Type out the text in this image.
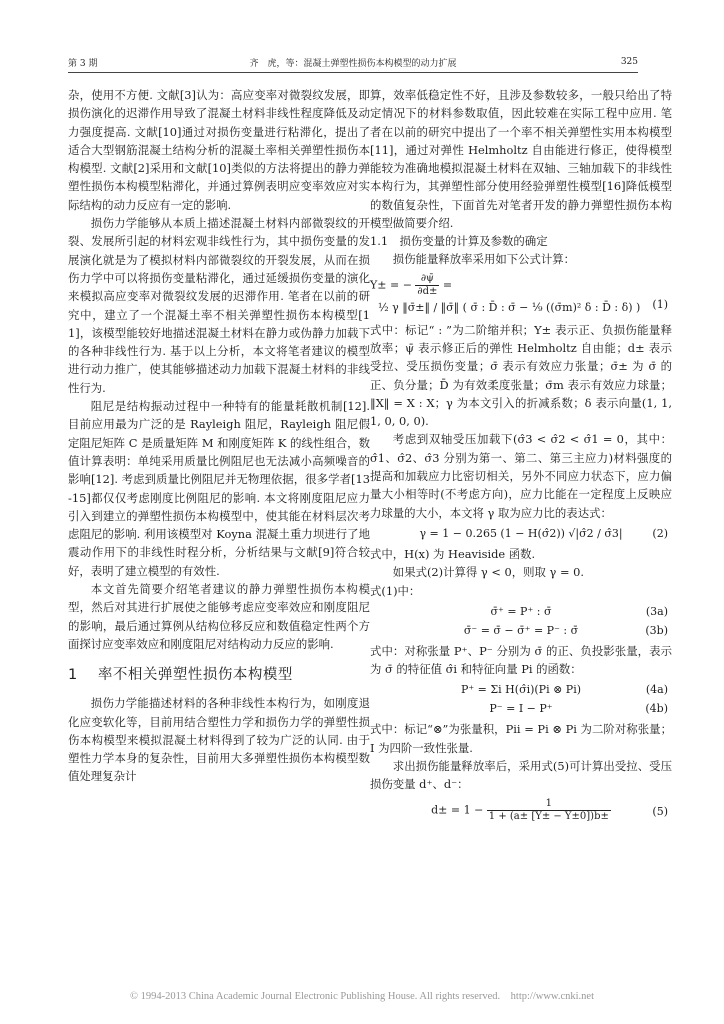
第 3 期	齐　虎，等：混凝土弹塑性损伤本构模型的动力扩展	325

杂，使用不方便. 文献[3]认为：高应变率对微裂纹发展，即损伤演化的迟滞作用导致了混凝土材料非线性程度降低及动力强度提高. 文献[10]通过对损伤变量进行粘滞化，提出了适合大型钢筋混凝土结构分析的混凝土率相关弹塑性损伤本构模型. 文献[2]采用和文献[10]类似的方法将提出的静力弹塑性损伤本构模型粘滞化，并通过算例表明应变率效应对实际结构的动力反应有一定的影响.

损伤力学能够从本质上描述混凝土材料内部微裂纹的开裂、发展所引起的材料宏观非线性行为，其中损伤变量的发展演化就是为了模拟材料内部微裂纹的开裂发展，从而在损伤力学中可以将损伤变量粘滞化，通过延缓损伤变量的演化来模拟高应变率对微裂纹发展的迟滞作用. 笔者在以前的研究中，建立了一个混凝土率不相关弹塑性损伤本构模型[11]，该模型能较好地描述混凝土材料在静力或伪静力加载下的各种非线性行为. 基于以上分析，本文将笔者建议的模型进行动力推广，使其能够描述动力加载下混凝土材料的非线性行为.

阻尼是结构振动过程中一种特有的能量耗散机制[12]. 目前应用最为广泛的是 Rayleigh 阻尼，Rayleigh 阻尼假定阻尼矩阵 C 是质量矩阵 M 和刚度矩阵 K 的线性组合，数值计算表明：单纯采用质量比例阻尼也无法减小高频噪音的影响[12]. 考虑到质量比例阻尼并无物理依据，很多学者[13-15]都仅仅考虑刚度比例阻尼的影响. 本文将刚度阻尼应力引入到建立的弹塑性损伤本构模型中，使其能在材料层次考虑阻尼的影响. 利用该模型对 Koyna 混凝土重力坝进行了地震动作用下的非线性时程分析，分析结果与文献[9]符合较好，表明了建立模型的有效性.

本文首先简要介绍笔者建议的静力弹塑性损伤本构模型，然后对其进行扩展使之能够考虑应变率效应和刚度阻尼的影响，最后通过算例从结构位移反应和数值稳定性两个方面探讨应变率效应和刚度阻尼对结构动力反应的影响.

1　 率不相关弹塑性损伤本构模型

损伤力学能描述材料的各种非线性本构行为，如刚度退化应变软化等，目前用结合塑性力学和损伤力学的弹塑性损伤本构模型来模拟混凝土材料得到了较为广泛的认同. 由于塑性力学本身的复杂性，目前用大多弹塑性损伤本构模型数值处理复杂计

算，效率低稳定性不好，且涉及参数较多，一般只给出了特定情况下的材料参数取值，因此较难在实际工程中应用. 笔者在以前的研究中提出了一个率不相关弹塑性实用本构模型[11]，通过对弹性 Helmholtz 自由能进行修正，使得模型能较为准确地模拟混凝土材料在双轴、三轴加载下的非线性本构行为，其弹塑性部分使用经验弹塑性模型[16]降低模型的数值复杂性，下面首先对笔者开发的静力弹塑性损伤本构模型做简要介绍.

1.1　损伤变量的计算及参数的确定

损伤能量释放率采用如下公式计算：

Y± = − $\frac{\partial\psī}{\partial d\pm}$ =
½ γ ‖σ̄±‖ / ‖σ̄‖ ( σ̄ : D̄ : σ̄ − ⅑ ((σ̄m)² δ : D̄ : δ) )	(1)

式中：标记“ : ”为二阶缩并积；Y± 表示正、负损伤能量释放率；ψ̄ 表示修正后的弹性 Helmholtz 自由能；d± 表示受拉、受压损伤变量；σ̄ 表示有效应力张量；σ̄± 为 σ̄ 的正、负分量；D̄ 为有效柔度张量；σ̄m 表示有效应力球量；‖X‖ = X : X；γ 为本文引入的折减系数；δ 表示向量(1, 1, 1, 0, 0, 0).

考虑到双轴受压加载下(σ̂3 < σ̂2 < σ̂1 = 0，其中：σ̂1、σ̂2、σ̂3 分别为第一、第二、第三主应力)材料强度的提高和加载应力比密切相关，另外不同应力状态下，应力偏量大小相等时(不考虑方向)，应力比能在一定程度上反映应力球量的大小，本文将 γ 取为应力比的表达式：

γ = 1 − 0.265 (1 − H(σ̂2)) √|σ̂2 / σ̂3|	(2)

式中，H(x) 为 Heaviside 函数.

如果式(2)计算得 γ < 0，则取 γ = 0.

式(1)中：

σ̄⁺ = P⁺ : σ̄	(3a)
σ̄⁻ = σ̄ − σ̄⁺ = P⁻ : σ̄	(3b)

式中：对称张量 P⁺、P⁻ 分别为 σ̄ 的正、负投影张量，表示为 σ̄ 的特征值 σ̂i 和特征向量 Pi 的函数：

P⁺ = Σi H(σ̂i)(Pi ⊗ Pi)	(4a)
P⁻ = I − P⁺	(4b)

式中：标记“⊗”为张量积，Pii = Pi ⊗ Pi 为二阶对称张量；I 为四阶一致性张量.

求出损伤能量释放率后，采用式(5)可计算出受拉、受压损伤变量 d⁺、d⁻：

$d\pm = 1 - \frac{1}{1 + (a\pm [Y\pm - Y\pm 0])b\pm}$	(5)
© 1994-2013 China Academic Journal Electronic Publishing House. All rights reserved.　http://www.cnki.net
